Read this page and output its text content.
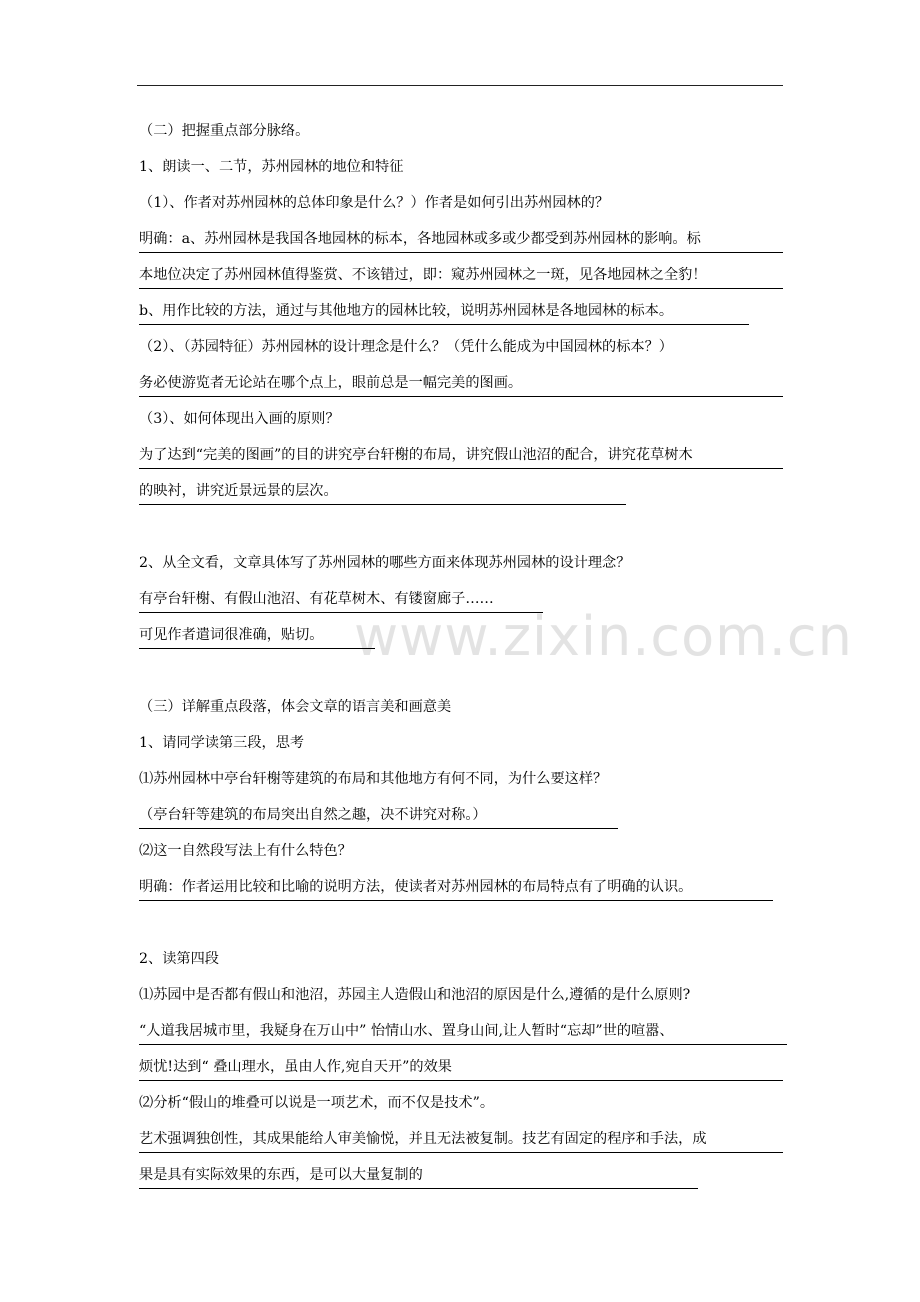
www.zixin.com.cn
（二）把握重点部分脉络。
1、朗读一、二节，苏州园林的地位和特征
（1）、作者对苏州园林的总体印象是什么？）作者是如何引出苏州园林的？
明确：a、苏州园林是我国各地园林的标本，各地园林或多或少都受到苏州园林的影响。标
本地位决定了苏州园林值得鉴赏、不该错过，即：窥苏州园林之一斑，见各地园林之全豹！
b、用作比较的方法，通过与其他地方的园林比较，说明苏州园林是各地园林的标本。
（2）、（苏园特征）苏州园林的设计理念是什么？（凭什么能成为中国园林的标本？）
务必使游览者无论站在哪个点上，眼前总是一幅完美的图画。
（3）、如何体现出入画的原则？
为了达到“完美的图画”的目的讲究亭台轩榭的布局，讲究假山池沼的配合，讲究花草树木
的映衬，讲究近景远景的层次。
2、从全文看，文章具体写了苏州园林的哪些方面来体现苏州园林的设计理念？
有亭台轩榭、有假山池沼、有花草树木、有镂窗廊子……
可见作者遣词很准确，贴切。
（三）详解重点段落，体会文章的语言美和画意美
1、请同学读第三段，思考
⑴苏州园林中亭台轩榭等建筑的布局和其他地方有何不同，为什么要这样？
（亭台轩等建筑的布局突出自然之趣，决不讲究对称。）
⑵这一自然段写法上有什么特色？
明确：作者运用比较和比喻的说明方法，使读者对苏州园林的布局特点有了明确的认识。
2、读第四段
⑴苏园中是否都有假山和池沼，苏园主人造假山和池沼的原因是什么,遵循的是什么原则?
“人道我居城市里，我疑身在万山中” 怡情山水、置身山间,让人暂时“忘却”世的喧嚣、
烦忧!达到“ 叠山理水，虽由人作,宛自天开”的效果
⑵分析“假山的堆叠可以说是一项艺术，而不仅是技术”。
艺术强调独创性，其成果能给人审美愉悦，并且无法被复制。技艺有固定的程序和手法，成
果是具有实际效果的东西，是可以大量复制的
